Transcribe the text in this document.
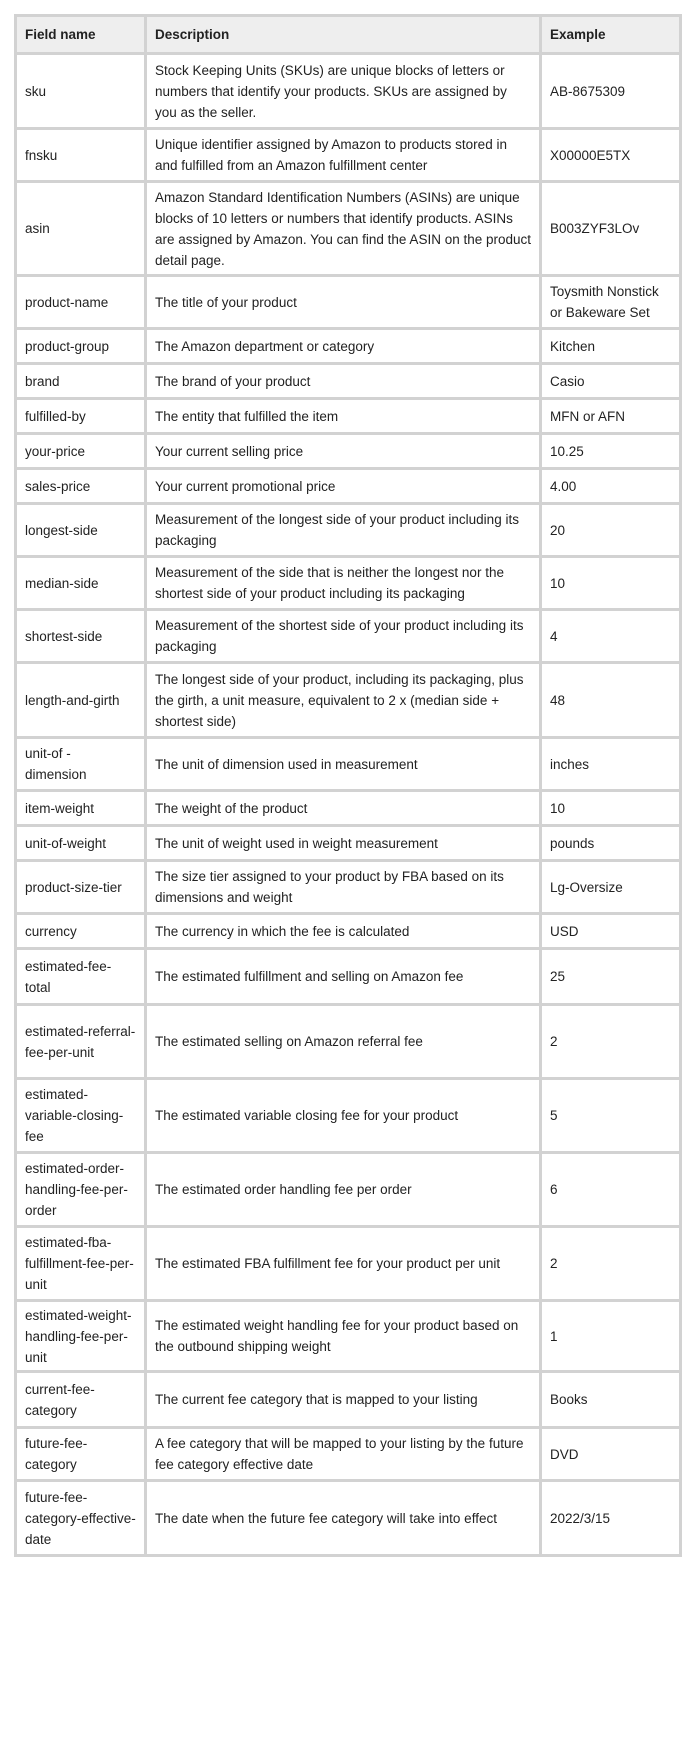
Field name	Description	Example
sku	Stock Keeping Units (SKUs) are unique blocks of letters or numbers that identify your products. SKUs are assigned by you as the seller.	AB-8675309
fnsku	Unique identifier assigned by Amazon to products stored in and fulfilled from an Amazon fulfillment center	X00000E5TX
asin	Amazon Standard Identification Numbers (ASINs) are unique blocks of 10 letters or numbers that identify products. ASINs are assigned by Amazon. You can find the ASIN on the product detail page.	B003ZYF3LOv
product-name	The title of your product	Toysmith Nonstick or Bakeware Set
product-group	The Amazon department or category	Kitchen
brand	The brand of your product	Casio
fulfilled-by	The entity that fulfilled the item	MFN or AFN
your-price	Your current selling price	10.25
sales-price	Your current promotional price	4.00
longest-side	Measurement of the longest side of your product including its packaging	20
median-side	Measurement of the side that is neither the longest nor the shortest side of your product including its packaging	10
shortest-side	Measurement of the shortest side of your product including its packaging	4
length-and-girth	The longest side of your product, including its packaging, plus the girth, a unit measure, equivalent to 2 x (median side + shortest side)	48
unit-of - dimension	The unit of dimension used in measurement	inches
item-weight	The weight of the product	10
unit-of-weight	The unit of weight used in weight measurement	pounds
product-size-tier	The size tier assigned to your product by FBA based on its dimensions and weight	Lg-Oversize
currency	The currency in which the fee is calculated	USD
estimated-fee-total	The estimated fulfillment and selling on Amazon fee	25
estimated-referral-fee-per-unit	The estimated selling on Amazon referral fee	2
estimated-variable-closing-fee	The estimated variable closing fee for your product	5
estimated-order-handling-fee-per-order	The estimated order handling fee per order	6
estimated-fba-fulfillment-fee-per-unit	The estimated FBA fulfillment fee for your product per unit	2
estimated-weight-handling-fee-per-unit	The estimated weight handling fee for your product based on the outbound shipping weight	1
current-fee-category	The current fee category that is mapped to your listing	Books
future-fee-category	A fee category that will be mapped to your listing by the future fee category effective date	DVD
future-fee-category-effective-date	The date when the future fee category will take into effect	2022/3/15
